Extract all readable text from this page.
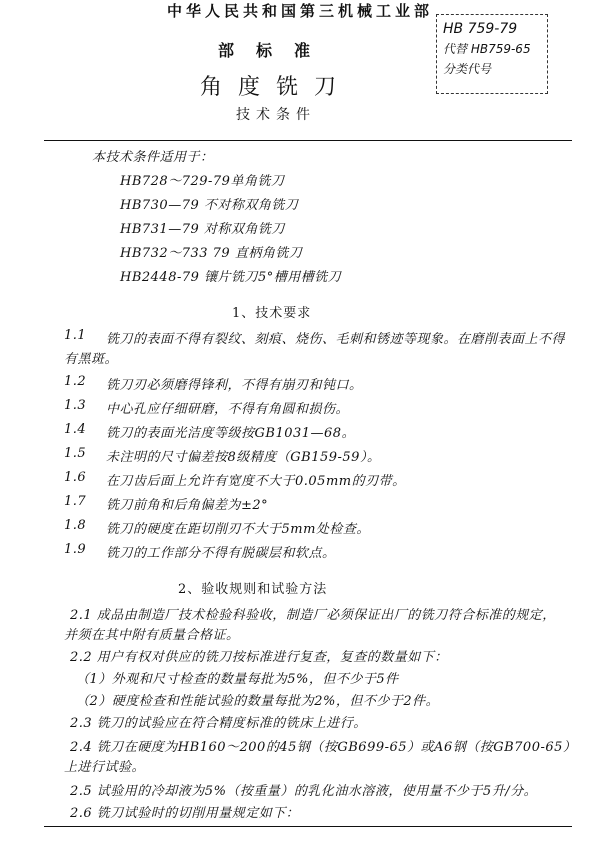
中华人民共和国第三机械工业部
部标准
角度铣刀
技术条件
HB 759-79
代替 HB759-65
分类代号
本技术条件适用于：
HB728～729-79单角铣刀
HB730—79 不对称双角铣刀
HB731—79 对称双角铣刀
HB732～733 79 直柄角铣刀
HB2448-79 镶片铣刀5°槽用槽铣刀
1、技术要求
1.1 铣刀的表面不得有裂纹、刻痕、烧伤、毛刺和锈迹等现象。在磨削表面上不得
有黑斑。
1.2 铣刀刃必须磨得锋利，不得有崩刃和钝口。
1.3 中心孔应仔细研磨，不得有角圆和损伤。
1.4 铣刀的表面光洁度等级按GB1031—68。
1.5 未注明的尺寸偏差按8级精度（GB159-59）。
1.6 在刀齿后面上允许有宽度不大于0.05mm的刃带。
1.7 铣刀前角和后角偏差为±2°
1.8 铣刀的硬度在距切削刃不大于5mm处检查。
1.9 铣刀的工作部分不得有脱碳层和软点。
2、验收规则和试验方法
2.1 成品由制造厂技术检验科验收，制造厂必须保证出厂的铣刀符合标准的规定，
并须在其中附有质量合格证。
2.2 用户有权对供应的铣刀按标准进行复查，复查的数量如下：
（1）外观和尺寸检查的数量每批为5%，但不少于5件
（2）硬度检查和性能试验的数量每批为2%，但不少于2件。
2.3 铣刀的试验应在符合精度标准的铣床上进行。
2.4 铣刀在硬度为HB160～200的45钢（按GB699-65）或A6钢（按GB700-65）
上进行试验。
2.5 试验用的冷却液为5%（按重量）的乳化油水溶液，使用量不少于5升/分。
2.6 铣刀试验时的切削用量规定如下：
